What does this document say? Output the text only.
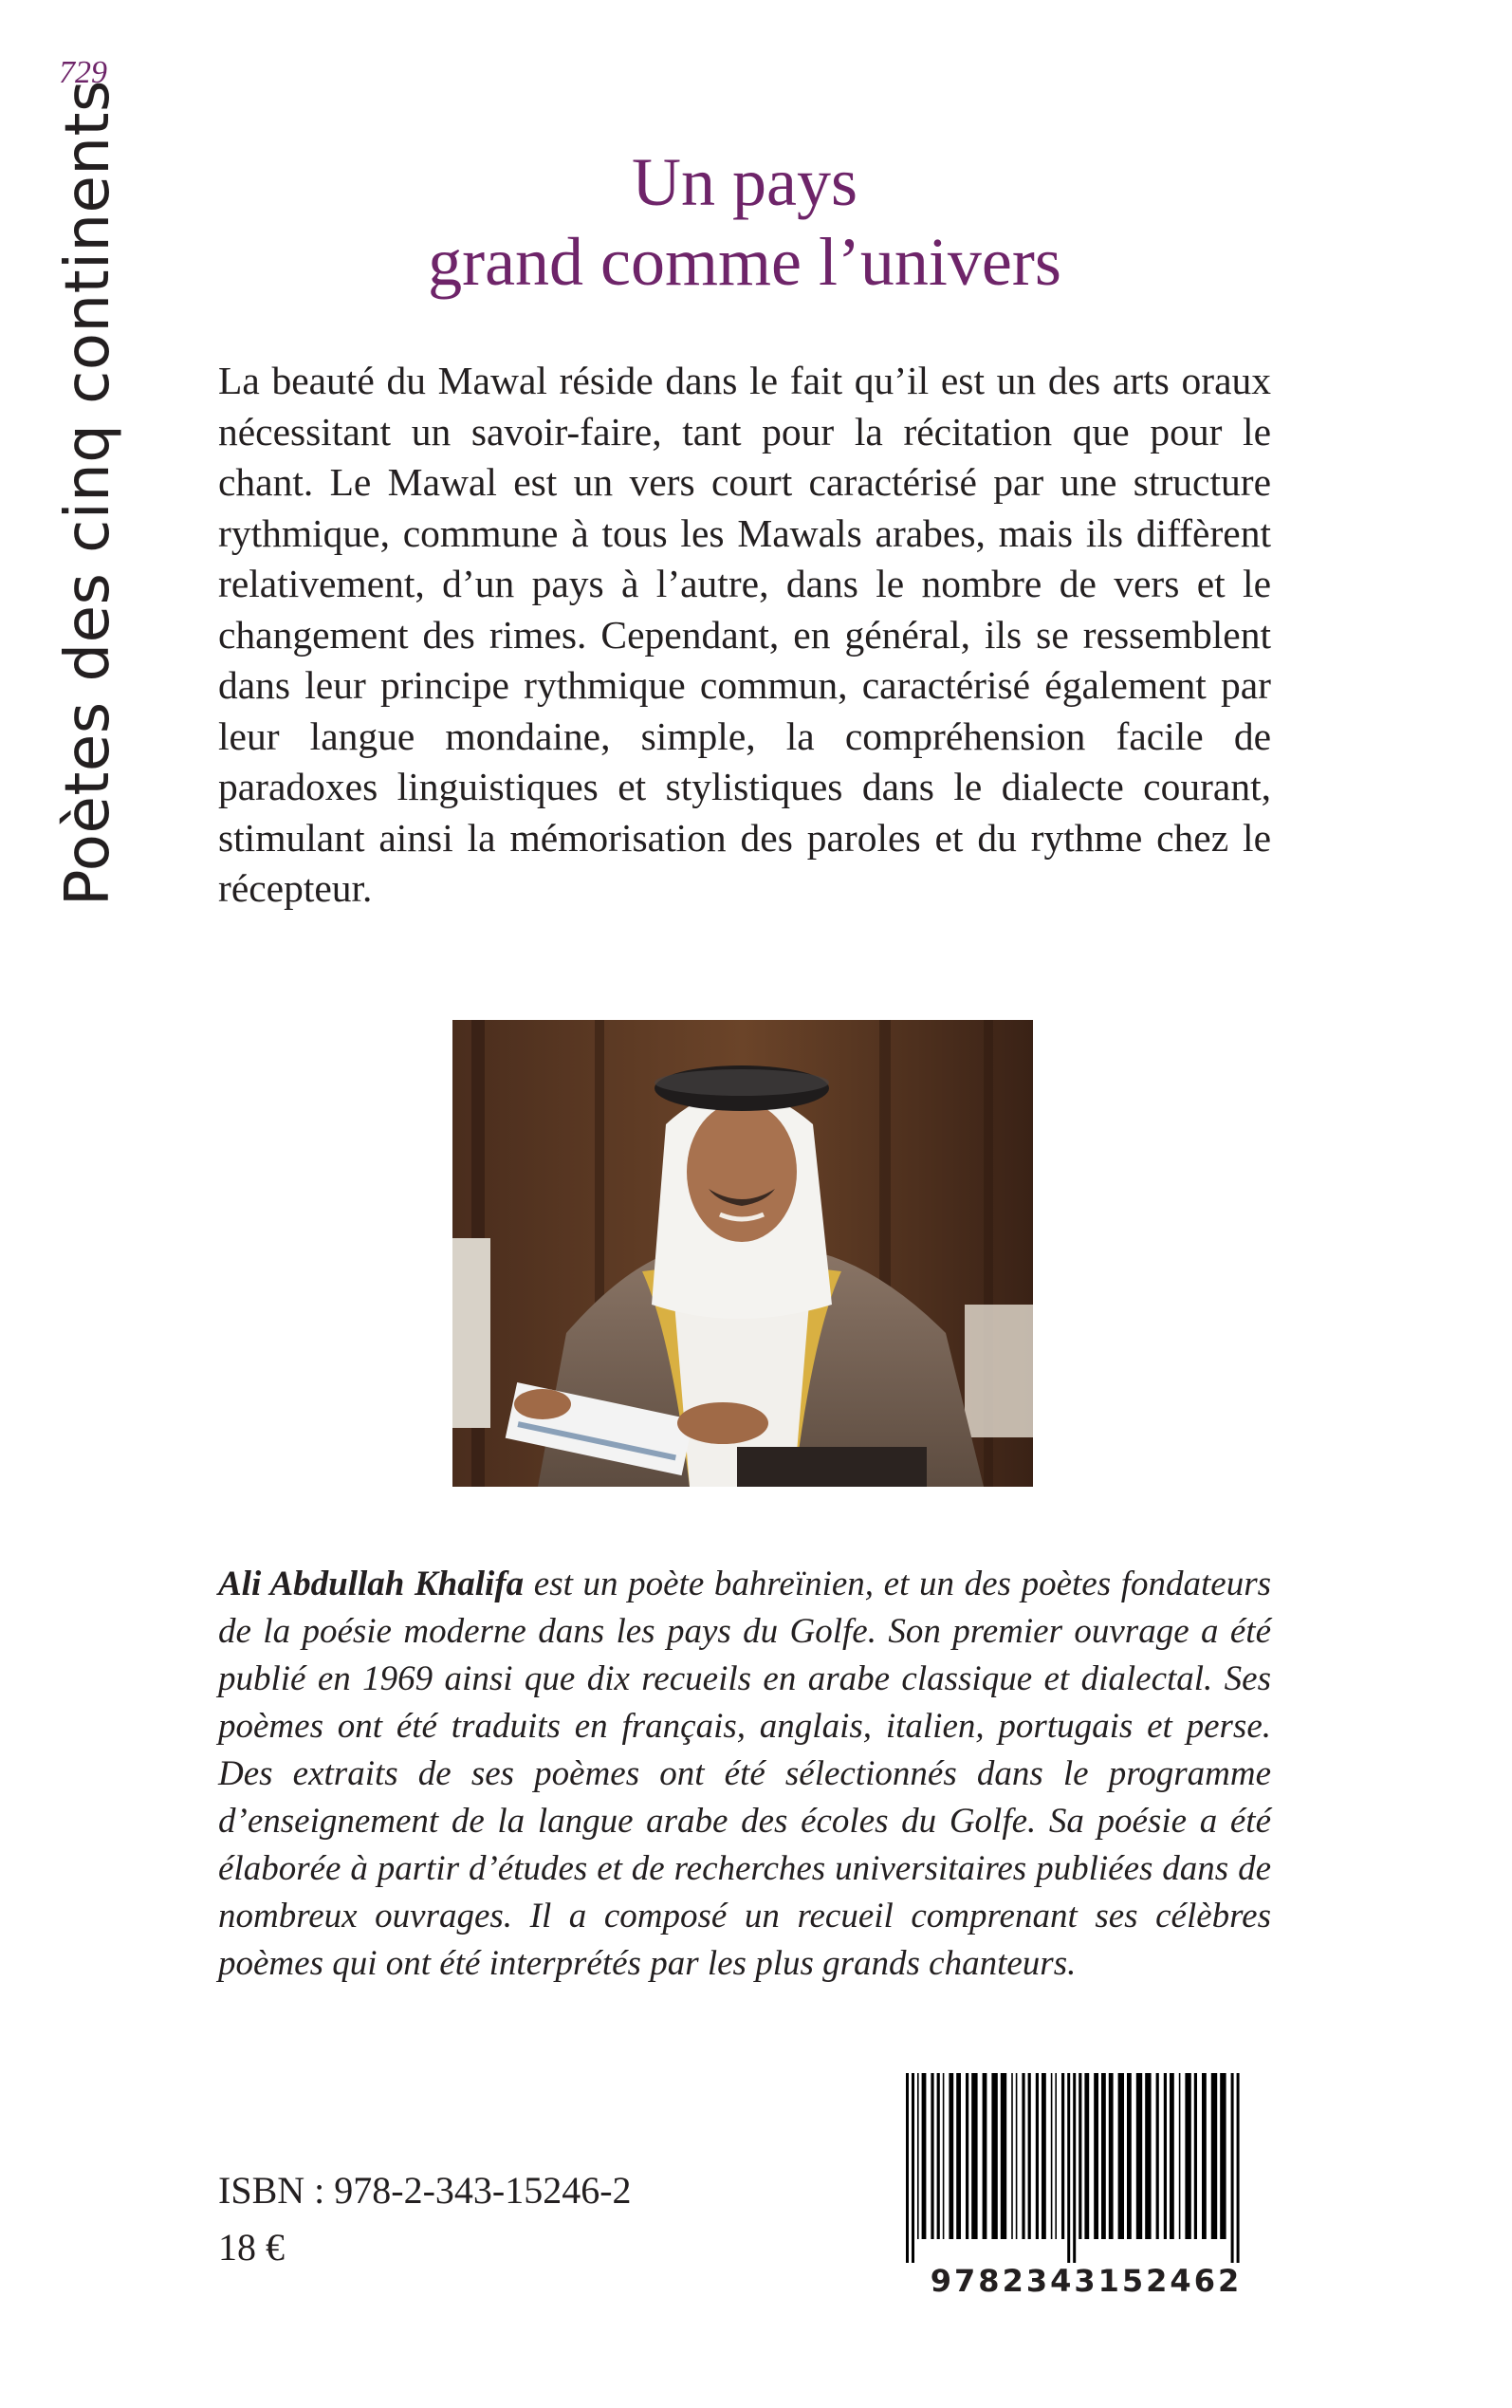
729
Poètes des cinq continents	Un pays
grand comme l’univers
La beauté du Mawal réside dans le fait qu’il est un des arts oraux nécessitant un savoir-faire, tant pour la récitation que pour le chant. Le Mawal est un vers court caractérisé par une structure rythmique, commune à tous les Mawals arabes, mais ils diffèrent relativement, d’un pays à l’autre, dans le nombre de vers et le changement des rimes. Cependant, en général, ils se ressemblent dans leur principe rythmique commun, caractérisé également par leur langue mondaine, simple, la compréhension facile de paradoxes linguistiques et stylistiques dans le dialecte courant, stimulant ainsi la mémorisation des paroles et du rythme chez le récepteur.
Ali Abdullah Khalifa est un poète bahreïnien, et un des poètes fondateurs de la poésie moderne dans les pays du Golfe. Son premier ouvrage a été publié en 1969 ainsi que dix recueils en arabe classique et dialectal. Ses poèmes ont été traduits en français, anglais, italien, portugais et perse. Des extraits de ses poèmes ont été sélectionnés dans le programme d’enseignement de la langue arabe des écoles du Golfe. Sa poésie a été élaborée à partir d’études et de recherches universitaires publiées dans de nombreux ouvrages. Il a composé un recueil comprenant ses célèbres poèmes qui ont été interprétés par les plus grands chanteurs.
ISBN : 978-2-343-15246-2
18 €
9782343152462
